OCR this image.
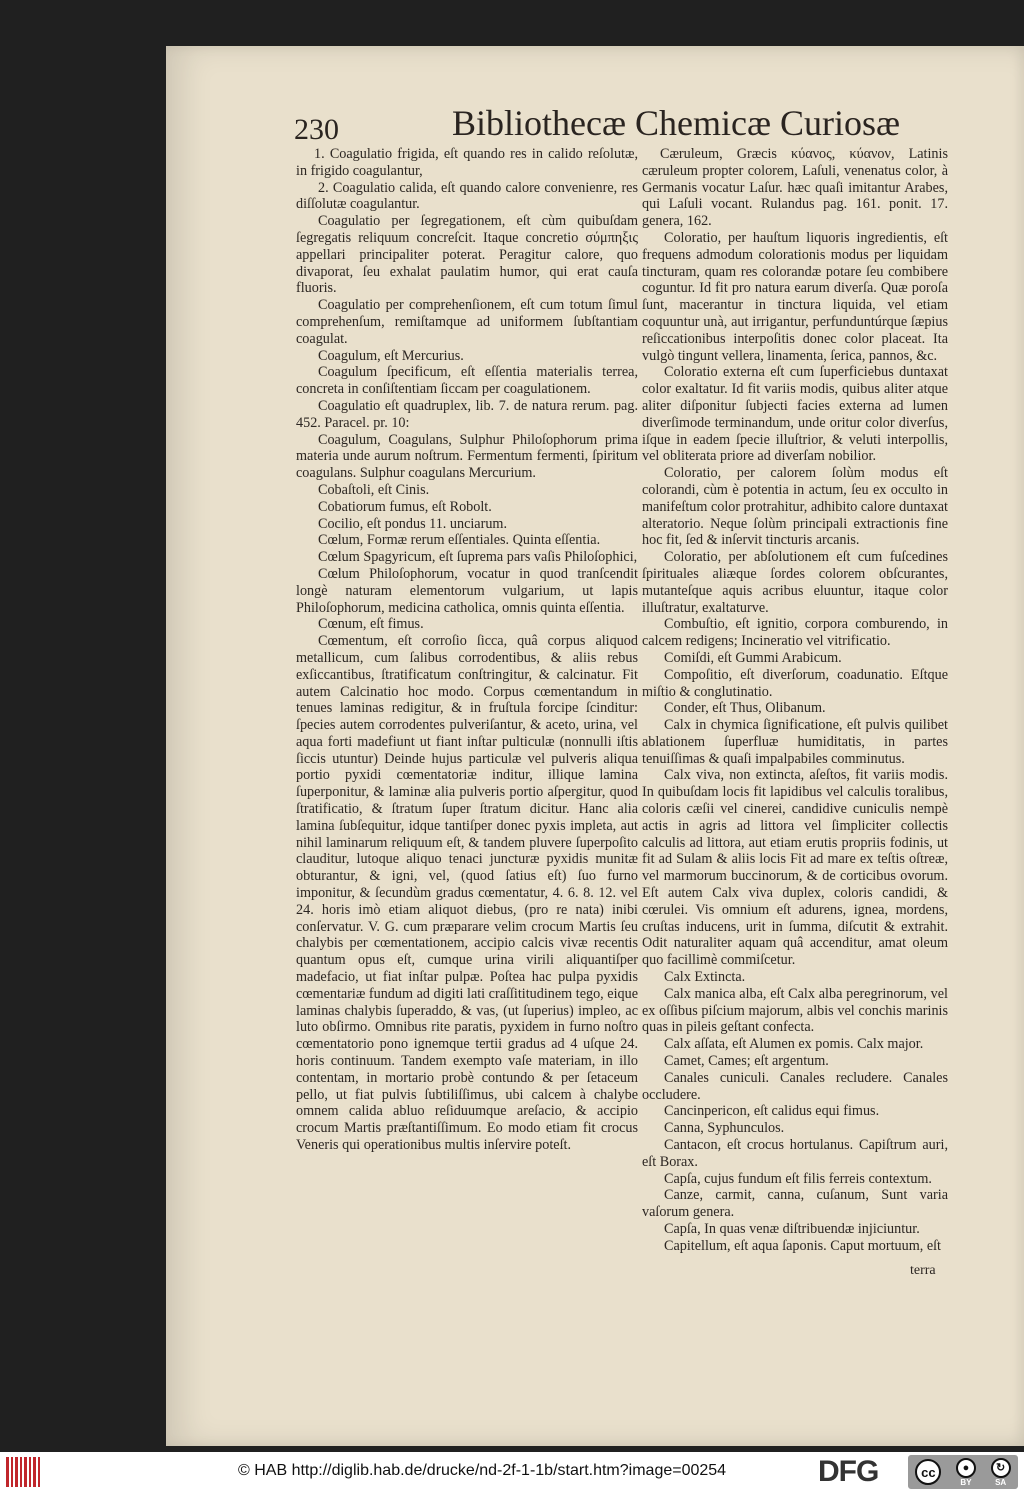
230	Bibliothecæ Chemicæ Curiosæ

1. Coagulatio frigida, eſt quando res in calido reſolutæ, in frigido coagulantur,

2. Coagulatio calida, eſt quando calore convenienre, res diſſolutæ coagulantur.

Coagulatio per ſegregationem, eſt cùm quibuſdam ſegregatis reliquum concreſcit. Itaque concretio σύμπηξις appellari principaliter poterat. Peragitur calore, quo divaporat, ſeu exhalat paulatim humor, qui erat cauſa fluoris.

Coagulatio per comprehenſionem, eſt cum totum ſimul comprehenſum, remiſtamque ad uniformem ſubſtantiam coagulat.

Coagulum, eſt Mercurius.

Coagulum ſpecificum, eſt eſſentia materialis terrea, concreta in conſiſtentiam ſiccam per coagulationem.

Coagulatio eſt quadruplex, lib. 7. de natura rerum. pag. 452. Paracel. pr. 10:

Coagulum, Coagulans, Sulphur Philoſophorum prima materia unde aurum noſtrum. Fermentum fermenti, ſpiritum coagulans. Sulphur coagulans Mercurium.

Cobaſtoli, eſt Cinis.

Cobatiorum fumus, eſt Robolt.

Cocilio, eſt pondus 11. unciarum.

Cœlum, Formæ rerum eſſentiales. Quinta eſſentia.

Cœlum Spagyricum, eſt ſuprema pars vaſis Philoſophici,

Cœlum Philoſophorum, vocatur in quod tranſcendit longè naturam elementorum vulgarium, ut lapis Philoſophorum, medicina catholica, omnis quinta eſſentia.

Cœnum, eſt fimus.

Cœmentum, eſt corroſio ſicca, quâ corpus aliquod metallicum, cum ſalibus corrodentibus, & aliis rebus exſiccantibus, ſtratificatum conſtringitur, & calcinatur. Fit autem Calcinatio hoc modo. Corpus cœmentandum in tenues laminas redigitur, & in fruſtula forcipe ſcinditur: ſpecies autem corrodentes pulveriſantur, & aceto, urina, vel aqua forti madefiunt ut fiant inſtar pulticulæ (nonnulli iſtis ſiccis utuntur) Deinde hujus particulæ vel pulveris aliqua portio pyxidi cœmentatoriæ inditur, illique lamina ſuperponitur, & laminæ alia pulveris portio aſpergitur, quod ſtratificatio, & ſtratum ſuper ſtratum dicitur. Hanc alia lamina ſubſequitur, idque tantiſper donec pyxis impleta, aut nihil laminarum reliquum eſt, & tandem pluvere ſuperpoſito clauditur, lutoque aliquo tenaci juncturæ pyxidis munitæ obturantur, & igni, vel, (quod ſatius eſt) ſuo furno imponitur, & ſecundùm gradus cœmentatur, 4. 6. 8. 12. vel 24. horis imò etiam aliquot diebus, (pro re nata) inibi conſervatur. V. G. cum præparare velim crocum Martis ſeu chalybis per cœmentationem, accipio calcis vivæ recentis quantum opus eſt, cumque urina virili aliquantiſper madefacio, ut fiat inſtar pulpæ. Poſtea hac pulpa pyxidis cœmentariæ fundum ad digiti lati craſſititudinem tego, eique laminas chalybis ſuperaddo, & vas, (ut ſuperius) impleo, ac luto obſirmo. Omnibus rite paratis, pyxidem in furno noſtro cœmentatorio pono ignemque tertii gradus ad 4 uſque 24. horis continuum. Tandem exempto vaſe materiam, in illo contentam, in mortario probè contundo & per ſetaceum pello, ut fiat pulvis ſubtiliſſimus, ubi calcem à chalybe omnem calida abluo reſiduumque areſacio, & accipio crocum Martis præſtantiſſimum. Eo modo etiam fit crocus Veneris qui operationibus multis inſervire poteſt.

Cæruleum, Græcis κύανος, κύανον, Latinis cæruleum propter colorem, Laſuli, venenatus color, à Germanis vocatur Laſur. hæc quaſi imitantur Arabes, qui Laſuli vocant. Rulandus pag. 161. ponit. 17. genera, 162.

Coloratio, per hauſtum liquoris ingredientis, eſt frequens admodum colorationis modus per liquidam tincturam, quam res colorandæ potare ſeu combibere coguntur. Id fit pro natura earum diverſa. Quæ poroſa ſunt, macerantur in tinctura liquida, vel etiam coquuntur unà, aut irrigantur, perfunduntúrque ſæpius reſiccationibus interpoſitis donec color placeat. Ita vulgò tingunt vellera, linamenta, ſerica, pannos, &c.

Coloratio externa eſt cum ſuperficiebus duntaxat color exaltatur. Id fit variis modis, quibus aliter atque aliter diſponitur ſubjecti facies externa ad lumen diverſimode terminandum, unde oritur color diverſus, iſque in eadem ſpecie illuſtrior, & veluti interpollis, vel obliterata priore ad diverſam nobilior.

Coloratio, per calorem ſolùm modus eſt colorandi, cùm è potentia in actum, ſeu ex occulto in manifeſtum color protrahitur, adhibito calore duntaxat alteratorio. Neque ſolùm principali extractionis fine hoc fit, ſed & inſervit tincturis arcanis.

Coloratio, per abſolutionem eſt cum fuſcedines ſpirituales aliæque ſordes colorem obſcurantes, mutanteſque aquis acribus eluuntur, itaque color illuſtratur, exaltaturve.

Combuſtio, eſt ignitio, corpora comburendo, in calcem redigens; Incineratio vel vitrificatio.

Comiſdi, eſt Gummi Arabicum.

Compoſitio, eſt diverſorum, coadunatio. Eſtque miſtio & conglutinatio.

Conder, eſt Thus, Olibanum.

Calx in chymica ſignificatione, eſt pulvis quilibet ablationem ſuperfluæ humiditatis, in partes tenuiſſimas & quaſi impalpabiles comminutus.

Calx viva, non extincta, aſeſtos, fit variis modis. In quibuſdam locis fit lapidibus vel calculis toralibus, coloris cæſii vel cinerei, candidive cuniculis nempè actis in agris ad littora vel ſimpliciter collectis calculis ad littora, aut etiam erutis propriis fodinis, ut fit ad Sulam & aliis locis Fit ad mare ex teſtis oſtreæ, vel marmorum buccinorum, & de corticibus ovorum. Eſt autem Calx viva duplex, coloris candidi, & cœrulei. Vis omnium eſt adurens, ignea, mordens, cruſtas inducens, urit in ſumma, diſcutit & extrahit. Odit naturaliter aquam quâ accenditur, amat oleum quo facillimè commiſcetur.

Calx Extincta.

Calx manica alba, eſt Calx alba peregrinorum, vel ex oſſibus piſcium majorum, albis vel conchis marinis quas in pileis geſtant confecta.

Calx aſſata, eſt Alumen ex pomis. Calx major.

Camet, Cames; eſt argentum.

Canales cuniculi. Canales recludere. Canales occludere.

Cancinpericon, eſt calidus equi fimus.

Canna, Syphunculos.

Cantacon, eſt crocus hortulanus. Capiſtrum auri, eſt Borax.

Capſa, cujus fundum eſt filis ferreis contextum.

Canze, carmit, canna, cuſanum, Sunt varia vaſorum genera.

Capſa, In quas venæ diſtribuendæ injiciuntur.

Capitellum, eſt aqua ſaponis. Caput mortuum, eſt

terra
© HAB http://diglib.hab.de/drucke/nd-2f-1-1b/start.htm?image=00254	DFG	cc	●
BY
↻
SA
